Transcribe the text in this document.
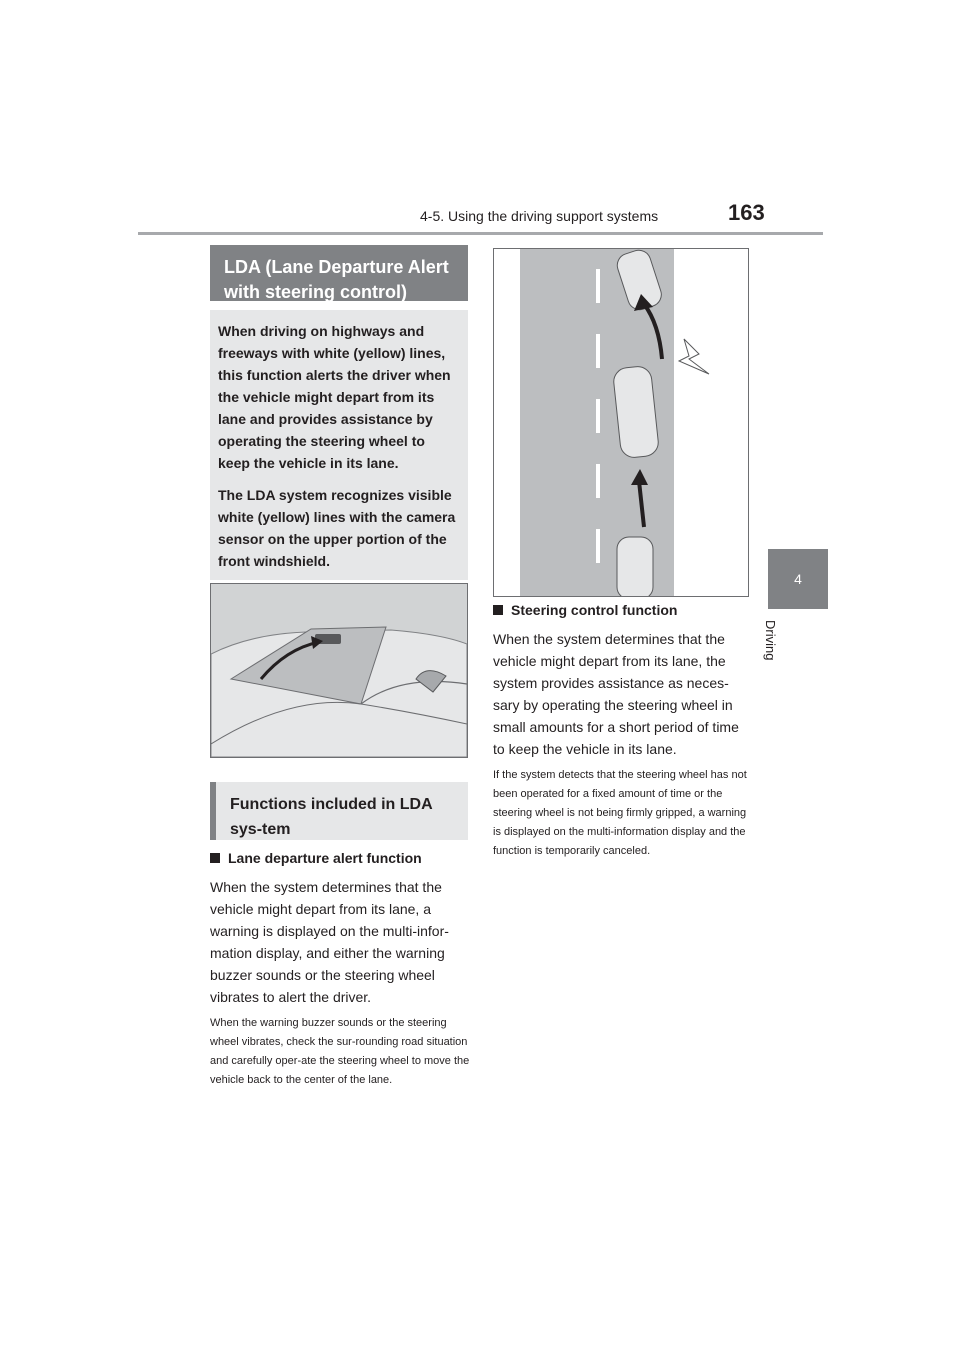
4-5. Using the driving support systems	163
4
Driving
LDA (Lane Departure Alert with steering control)

When driving on highways and freeways with white (yellow) lines, this function alerts the driver when the vehicle might depart from its lane and provides assistance by operating the steering wheel to keep the vehicle in its lane.

The LDA system recognizes visible white (yellow) lines with the camera sensor on the upper portion of the front windshield.

Functions included in LDA sys-tem
Lane departure alert function
When the system determines that the vehicle might depart from its lane, a warning is displayed on the multi-infor-mation display, and either the warning buzzer sounds or the steering wheel vibrates to alert the driver.
When the warning buzzer sounds or the steering wheel vibrates, check the sur-rounding road situation and carefully oper-ate the steering wheel to move the vehicle back to the center of the lane.
Steering control function
When the system determines that the vehicle might depart from its lane, the system provides assistance as neces-sary by operating the steering wheel in small amounts for a short period of time to keep the vehicle in its lane.
If the system detects that the steering wheel has not been operated for a fixed amount of time or the steering wheel is not being firmly gripped, a warning is displayed on the multi-information display and the function is temporarily canceled.
